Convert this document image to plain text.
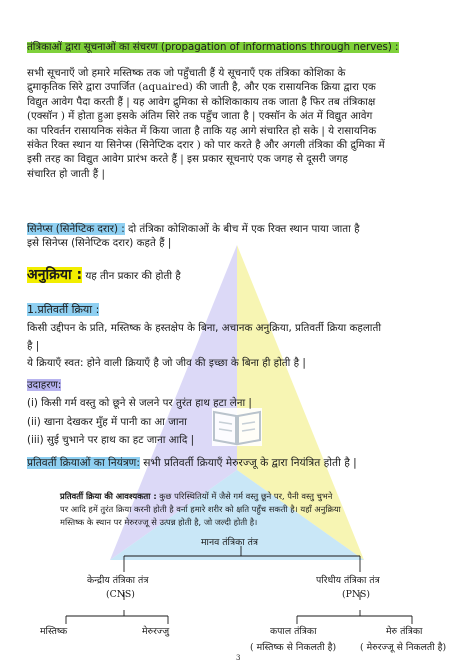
तंत्रिकाओं द्वारा सूचनाओं का संचरण (propagation of informations through nerves) :
सभी सूचनाएँ जो हमारे मस्तिष्क तक जो पहुँचाती हैं ये सूचनाएँ एक तंत्रिका कोशिका के
द्रुमाकृतिक सिरे द्वारा उपार्जित (aquaired) की जाती है, और एक रासायनिक क्रिया द्वारा एक
विद्युत आवेग पैदा करती हैं | यह आवेग द्रुमिका से कोशिकाकाय तक जाता है फिर तब तंत्रिकाक्ष
(एक्सॉन ) में होता हुआ इसके अंतिम सिरे तक पहुँच जाता है | एक्सॉन के अंत में विद्युत आवेग
का परिवर्तन रासायनिक संकेत में किया जाता है ताकि यह आगे संचारित हो सके | ये रासायनिक
संकेत रिक्त स्थान या सिनेप्स (सिनेप्टिक दरार ) को पार करते है और अगली तंत्रिका की द्रुमिका में
इसी तरह का विद्युत आवेग प्रारंभ करते हैं | इस प्रकार सूचनाएं एक जगह से दूसरी जगह
संचारित हो जाती हैं |
सिनेप्स (सिनेप्टिक दरार) : दो तंत्रिका कोशिकाओं के बीच में एक रिक्त स्थान पाया जाता है
इसे सिनेप्स (सिनेप्टिक दरार) कहते हैं |
अनुक्रिया : यह तीन प्रकार की होती है
1.प्रतिवर्ती क्रिया :
किसी उद्दीपन के प्रति, मस्तिष्क के हस्तक्षेप के बिना, अचानक अनुक्रिया, प्रतिवर्ती क्रिया कहलाती
है |
ये क्रियाएँ स्वत: होने वाली क्रियाएँ है जो जीव की इच्छा के बिना ही होती है |
उदाहरण:
(i) किसी गर्म वस्तु को छूने से जलने पर तुरंत हाथ हटा लेना |
(ii) खाना देखकर मुँह में पानी का आ जाना
(iii) सुई चुभाने पर हाथ का हट जाना आदि |
प्रतिवर्ती क्रियाओं का नियंत्रण: सभी प्रतिवर्ती क्रियाएँ मेरुरज्जू के द्वारा नियंत्रित होती है |
प्रतिवर्ती क्रिया की आवश्यकता : कुछ परिस्थितियों में जैसे गर्म वस्तु छूने पर, पैनी वस्तु चुभने
पर आदि हमें तुरंत क्रिया करनी होती है वर्ना हमारे शरीर को क्षति पहुँच सकती है। यहाँ अनुक्रिया
मस्तिष्क के स्थान पर मेरुरज्जू से उत्पन्न होती है, जो जल्दी होती है।
मानव तंत्रिका तंत्र
केन्द्रीय तंत्रिका तंत्र
(CNS)
परिधीय तंत्रिका तंत्र
(PNS)
मस्तिष्क	मेरुरज्जु	कपाल तंत्रिका
( मस्तिष्क से निकलती है)
मेरु तंत्रिका
( मेरुरज्जू से निकलती है)
3
